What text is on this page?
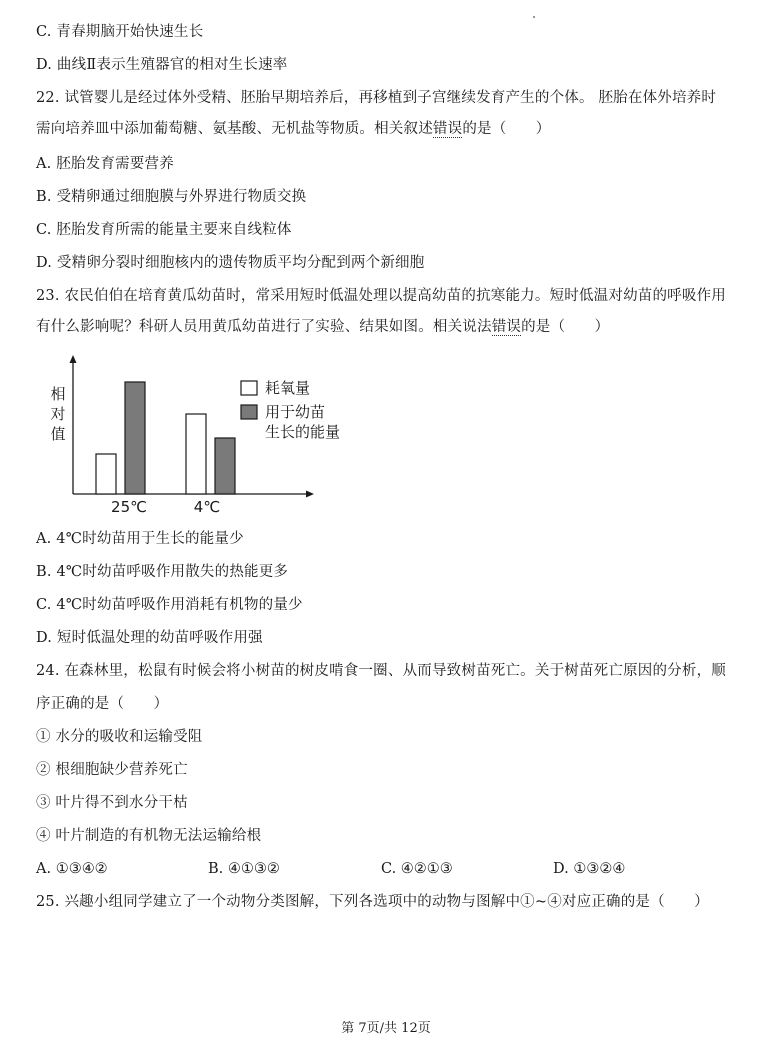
C. 青春期脑开始快速生长
D. 曲线Ⅱ表示生殖器官的相对生长速率
22. 试管婴儿是经过体外受精、胚胎早期培养后，再移植到子宫继续发育产生的个体。 胚胎在体外培养时
需向培养皿中添加葡萄糖、氨基酸、无机盐等物质。相关叙述错误的是（　　）
A. 胚胎发育需要营养
B. 受精卵通过细胞膜与外界进行物质交换
C. 胚胎发育所需的能量主要来自线粒体
D. 受精卵分裂时细胞核内的遗传物质平均分配到两个新细胞
23. 农民伯伯在培育黄瓜幼苗时，常采用短时低温处理以提高幼苗的抗寒能力。短时低温对幼苗的呼吸作用
有什么影响呢？科研人员用黄瓜幼苗进行了实验、结果如图。相关说法错误的是（　　）
相
对
值
25℃	4℃
耗氧量
用于幼苗
生长的能量
A. 4℃时幼苗用于生长的能量少
B. 4℃时幼苗呼吸作用散失的热能更多
C. 4℃时幼苗呼吸作用消耗有机物的量少
D. 短时低温处理的幼苗呼吸作用强
24. 在森林里，松鼠有时候会将小树苗的树皮啃食一圈、从而导致树苗死亡。关于树苗死亡原因的分析，顺
序正确的是（　　）
① 水分的吸收和运输受阻
② 根细胞缺少营养死亡
③ 叶片得不到水分干枯
④ 叶片制造的有机物无法运输给根
A. ①③④②	B. ④①③②	C. ④②①③	D. ①③②④
25. 兴趣小组同学建立了一个动物分类图解，下列各选项中的动物与图解中①~④对应正确的是（　　）
第 7页/共 12页
